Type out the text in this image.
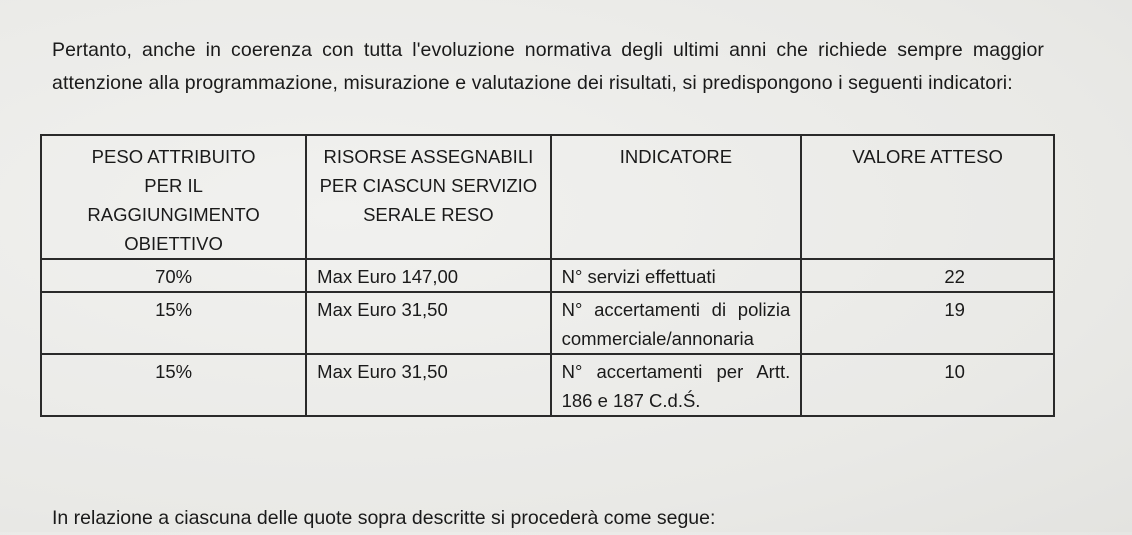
Pertanto, anche in coerenza con tutta l'evoluzione normativa degli ultimi anni che richiede sempre maggior attenzione alla programmazione, misurazione e valutazione dei risultati, si predispongono i seguenti indicatori:

PESO ATTRIBUITO PER IL RAGGIUNGIMENTO OBIETTIVO	RISORSE ASSEGNABILI PER CIASCUN SERVIZIO SERALE RESO	INDICATORE	VALORE ATTESO
70%	Max Euro 147,00	N° servizi effettuati	22
15%	Max Euro 31,50	N° accertamenti di polizia commerciale/annonaria	19
15%	Max Euro 31,50	N° accertamenti per Artt. 186 e 187 C.d.Ś.	10

In relazione a ciascuna delle quote sopra descritte si procederà come segue:
